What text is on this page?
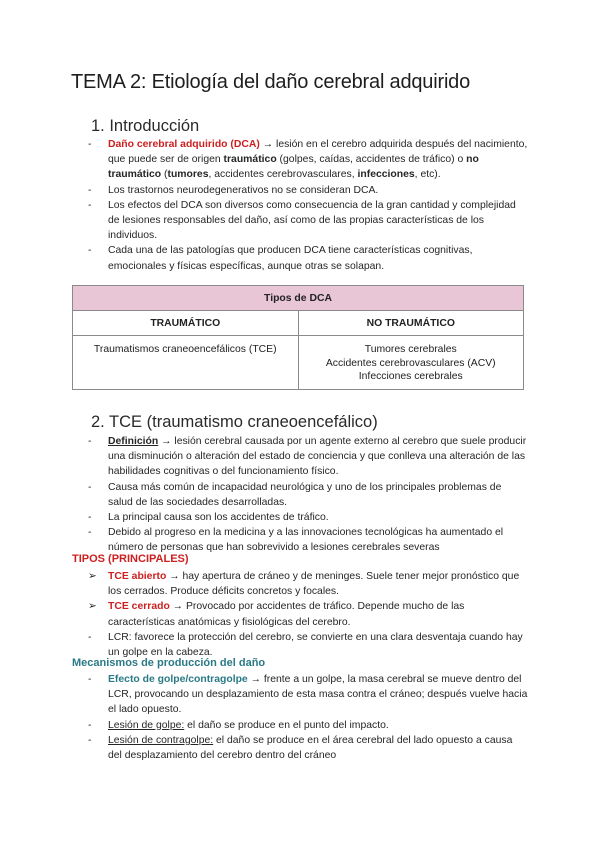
TEMA 2: Etiología del daño cerebral adquirido
1. Introducción
- Daño cerebral adquirido (DCA) → lesión en el cerebro adquirida después del nacimiento, que puede ser de origen traumático (golpes, caídas, accidentes de tráfico) o no traumático (tumores, accidentes cerebrovasculares, infecciones, etc).
- Los trastornos neurodegenerativos no se consideran DCA.
- Los efectos del DCA son diversos como consecuencia de la gran cantidad y complejidad de lesiones responsables del daño, así como de las propias características de los individuos.
- Cada una de las patologías que producen DCA tiene características cognitivas, emocionales y físicas específicas, aunque otras se solapan.
Tipos de DCA	
TRAUMÁTICO	NO TRAUMÁTICO

Traumatismos craneoencefálicos (TCE)	Tumores cerebrales
Accidentes cerebrovasculares (ACV)
Infecciones cerebrales
2. TCE (traumatismo craneoencefálico)
- Definición → lesión cerebral causada por un agente externo al cerebro que suele producir una disminución o alteración del estado de conciencia y que conlleva una alteración de las habilidades cognitivas o del funcionamiento físico.
- Causa más común de incapacidad neurológica y uno de los principales problemas de salud de las sociedades desarrolladas.
- La principal causa son los accidentes de tráfico.
- Debido al progreso en la medicina y a las innovaciones tecnológicas ha aumentado el número de personas que han sobrevivido a lesiones cerebrales severas
TIPOS (PRINCIPALES)
➢ TCE abierto → hay apertura de cráneo y de meninges. Suele tener mejor pronóstico que los cerrados. Produce déficits concretos y focales.
➢ TCE cerrado → Provocado por accidentes de tráfico. Depende mucho de las características anatómicas y fisiológicas del cerebro.
- LCR: favorece la protección del cerebro, se convierte en una clara desventaja cuando hay un golpe en la cabeza.
Mecanismos de producción del daño
- Efecto de golpe/contragolpe → frente a un golpe, la masa cerebral se mueve dentro del LCR, provocando un desplazamiento de esta masa contra el cráneo; después vuelve hacia el lado opuesto.
- Lesión de golpe: el daño se produce en el punto del impacto.
- Lesión de contragolpe: el daño se produce en el área cerebral del lado opuesto a causa del desplazamiento del cerebro dentro del cráneo
